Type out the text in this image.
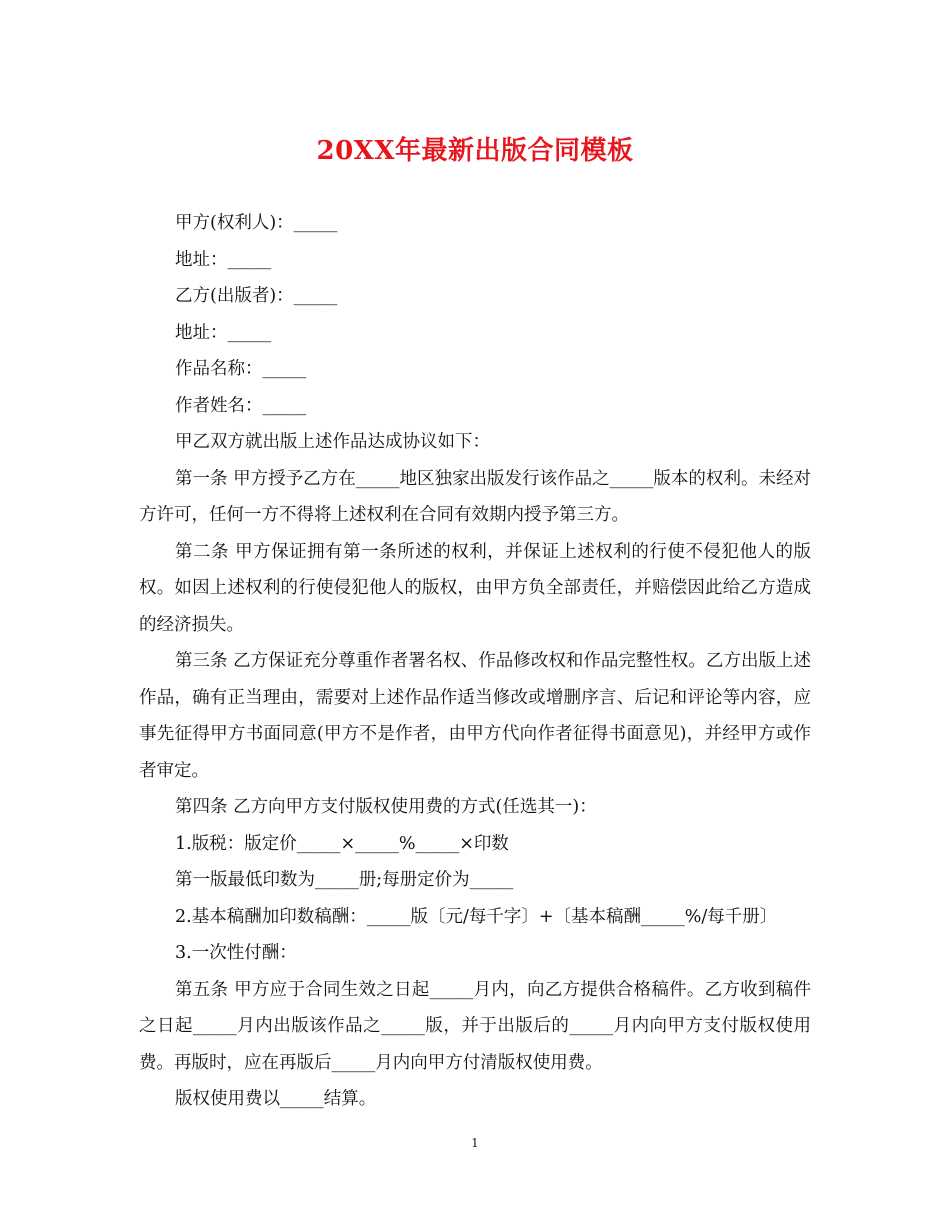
20XX年最新出版合同模板

甲方(权利人)：_____

地址：_____

乙方(出版者)：_____

地址：_____

作品名称：_____

作者姓名：_____

甲乙双方就出版上述作品达成协议如下：

第一条 甲方授予乙方在_____地区独家出版发行该作品之_____版本的权利。未经对方许可，任何一方不得将上述权利在合同有效期内授予第三方。

第二条 甲方保证拥有第一条所述的权利，并保证上述权利的行使不侵犯他人的版权。如因上述权利的行使侵犯他人的版权，由甲方负全部责任，并赔偿因此给乙方造成的经济损失。

第三条 乙方保证充分尊重作者署名权、作品修改权和作品完整性权。乙方出版上述作品，确有正当理由，需要对上述作品作适当修改或增删序言、后记和评论等内容，应事先征得甲方书面同意(甲方不是作者，由甲方代向作者征得书面意见)，并经甲方或作者审定。

第四条 乙方向甲方支付版权使用费的方式(任选其一)：

1.版税：版定价_____×_____%_____×印数

第一版最低印数为_____册;每册定价为_____

2.基本稿酬加印数稿酬：_____版〔元/每千字〕+〔基本稿酬_____%/每千册〕

3.一次性付酬：

第五条 甲方应于合同生效之日起_____月内，向乙方提供合格稿件。乙方收到稿件之日起_____月内出版该作品之_____版，并于出版后的_____月内向甲方支付版权使用费。再版时，应在再版后_____月内向甲方付清版权使用费。

版权使用费以_____结算。

1
